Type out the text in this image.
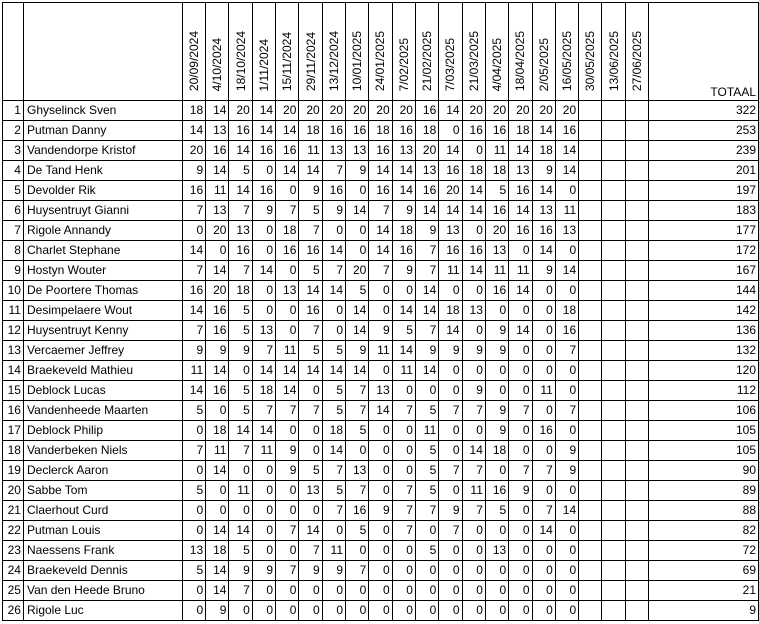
		20/09/2024	4/10/2024	18/10/2024	1/11/2024	15/11/2024	29/11/2024	13/12/2024	10/01/2025	24/01/2025	7/02/2025	21/02/2025	7/03/2025	21/03/2025	4/04/2025	18/04/2025	2/05/2025	16/05/2025	30/05/2025	13/06/2025	27/06/2025	TOTAAL
1	Ghyselinck Sven	18	14	20	14	20	20	20	20	20	20	16	14	20	20	20	20	20				322
2	Putman Danny	14	13	16	14	14	18	16	16	18	16	18	0	16	16	18	14	16				253
3	Vandendorpe Kristof	20	16	14	16	16	11	13	13	16	13	20	14	0	11	14	18	14				239
4	De Tand Henk	9	14	5	0	14	14	7	9	14	14	13	16	18	18	13	9	14				201
5	Devolder Rik	16	11	14	16	0	9	16	0	16	14	16	20	14	5	16	14	0				197
6	Huysentruyt Gianni	7	13	7	9	7	5	9	14	7	9	14	14	14	16	14	13	11				183
7	Rigole Annandy	0	20	13	0	18	7	0	0	14	18	9	13	0	20	16	16	13				177
8	Charlet Stephane	14	0	16	0	16	16	14	0	14	16	7	16	16	13	0	14	0				172
9	Hostyn Wouter	7	14	7	14	0	5	7	20	7	9	7	11	14	11	11	9	14				167
10	De Poortere Thomas	16	20	18	0	13	14	14	5	0	0	14	0	0	16	14	0	0				144
11	Desimpelaere Wout	14	16	5	0	0	16	0	14	0	14	14	18	13	0	0	0	18				142
12	Huysentruyt Kenny	7	16	5	13	0	7	0	14	9	5	7	14	0	9	14	0	16				136
13	Vercaemer Jeffrey	9	9	9	7	11	5	5	9	11	14	9	9	9	9	0	0	7				132
14	Braekeveld Mathieu	11	14	0	14	14	14	14	14	0	11	14	0	0	0	0	0	0				120
15	Deblock Lucas	14	16	5	18	14	0	5	7	13	0	0	0	9	0	0	11	0				112
16	Vandenheede Maarten	5	0	5	7	7	7	5	7	14	7	5	7	7	9	7	0	7				106
17	Deblock Philip	0	18	14	14	0	0	18	5	0	0	11	0	0	9	0	16	0				105
18	Vanderbeken Niels	7	11	7	11	9	0	14	0	0	0	5	0	14	18	0	0	9				105
19	Declerck Aaron	0	14	0	0	9	5	7	13	0	0	5	7	7	0	7	7	9				90
20	Sabbe Tom	5	0	11	0	0	13	5	7	0	7	5	0	11	16	9	0	0				89
21	Claerhout Curd	0	0	0	0	0	0	7	16	9	7	7	9	7	5	0	7	14				88
22	Putman Louis	0	14	14	0	7	14	0	5	0	7	0	7	0	0	0	14	0				82
23	Naessens Frank	13	18	5	0	0	7	11	0	0	0	5	0	0	13	0	0	0				72
24	Braekeveld Dennis	5	14	9	9	7	9	9	7	0	0	0	0	0	0	0	0	0				69
25	Van den Heede Bruno	0	14	7	0	0	0	0	0	0	0	0	0	0	0	0	0	0				21
26	Rigole Luc	0	9	0	0	0	0	0	0	0	0	0	0	0	0	0	0	0				9
